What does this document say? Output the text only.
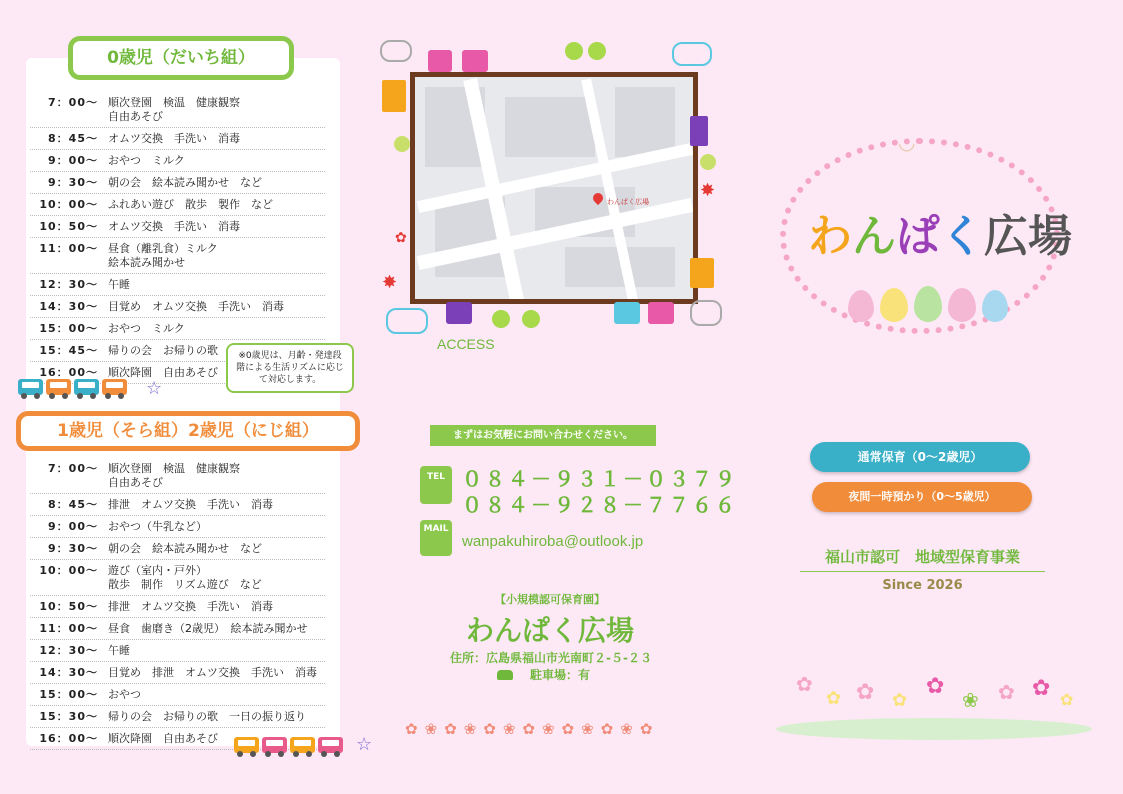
0歳児（だいち組）
7：00～ 順次登園　検温　健康観察
自由あそび
8：45～ オムツ交換　手洗い　消毒
9：00～ おやつ　ミルク
9：30～ 朝の会　絵本読み聞かせ　など
10：00～ ふれあい遊び　散歩　製作　など
10：50～ オムツ交換　手洗い　消毒
11：00～ 昼食（離乳食）ミルク
絵本読み聞かせ
12：30～ 午睡
14：30～ 目覚め　オムツ交換　手洗い　消毒
15：00～ おやつ　ミルク
15：45～ 帰りの会　お帰りの歌
16：00～ 順次降園　自由あそび
※0歳児は、月齢・発達段階による生活リズムに応じて対応します。
☆
1歳児（そら組）2歳児（にじ組）
7：00～ 順次登園　検温　健康観察
自由あそび
8：45～ 排泄　オムツ交換　手洗い　消毒
9：00～ おやつ（牛乳など）
9：30～ 朝の会　絵本読み聞かせ　など
10：00～ 遊び（室内・戸外）
散歩　制作　リズム遊び　など
10：50～ 排泄　オムツ交換　手洗い　消毒
11：00～ 昼食　歯磨き（2歳児）　絵本読み聞かせ
12：30～ 午睡
14：30～ 目覚め　排泄　オムツ交換　手洗い　消毒
15：00～ おやつ
15：30～ 帰りの会　お帰りの歌　一日の振り返り
16：00～ 順次降園　自由あそび	☆
わんぱく広場
✸
✿
✸
ACCESS
まずはお気軽にお問い合わせください。
TEL ０８４－９３１－０３７９
０８４－９２８－７７６６
MAIL
wanpakuhiroba@outlook.jp
【小規模認可保育園】
わんぱく広場
住所：広島県福山市光南町２-５-２３
駐車場：有
✿❀✿❀✿❀✿❀✿❀✿❀✿
◡
わんぱく広場
通常保育（0～2歳児）
夜間一時預かり（0～5歳児）
福山市認可　地域型保育事業
Since 2026
✿
✿ ✿ ✿
✿
❀ ✿ ✿ ✿
